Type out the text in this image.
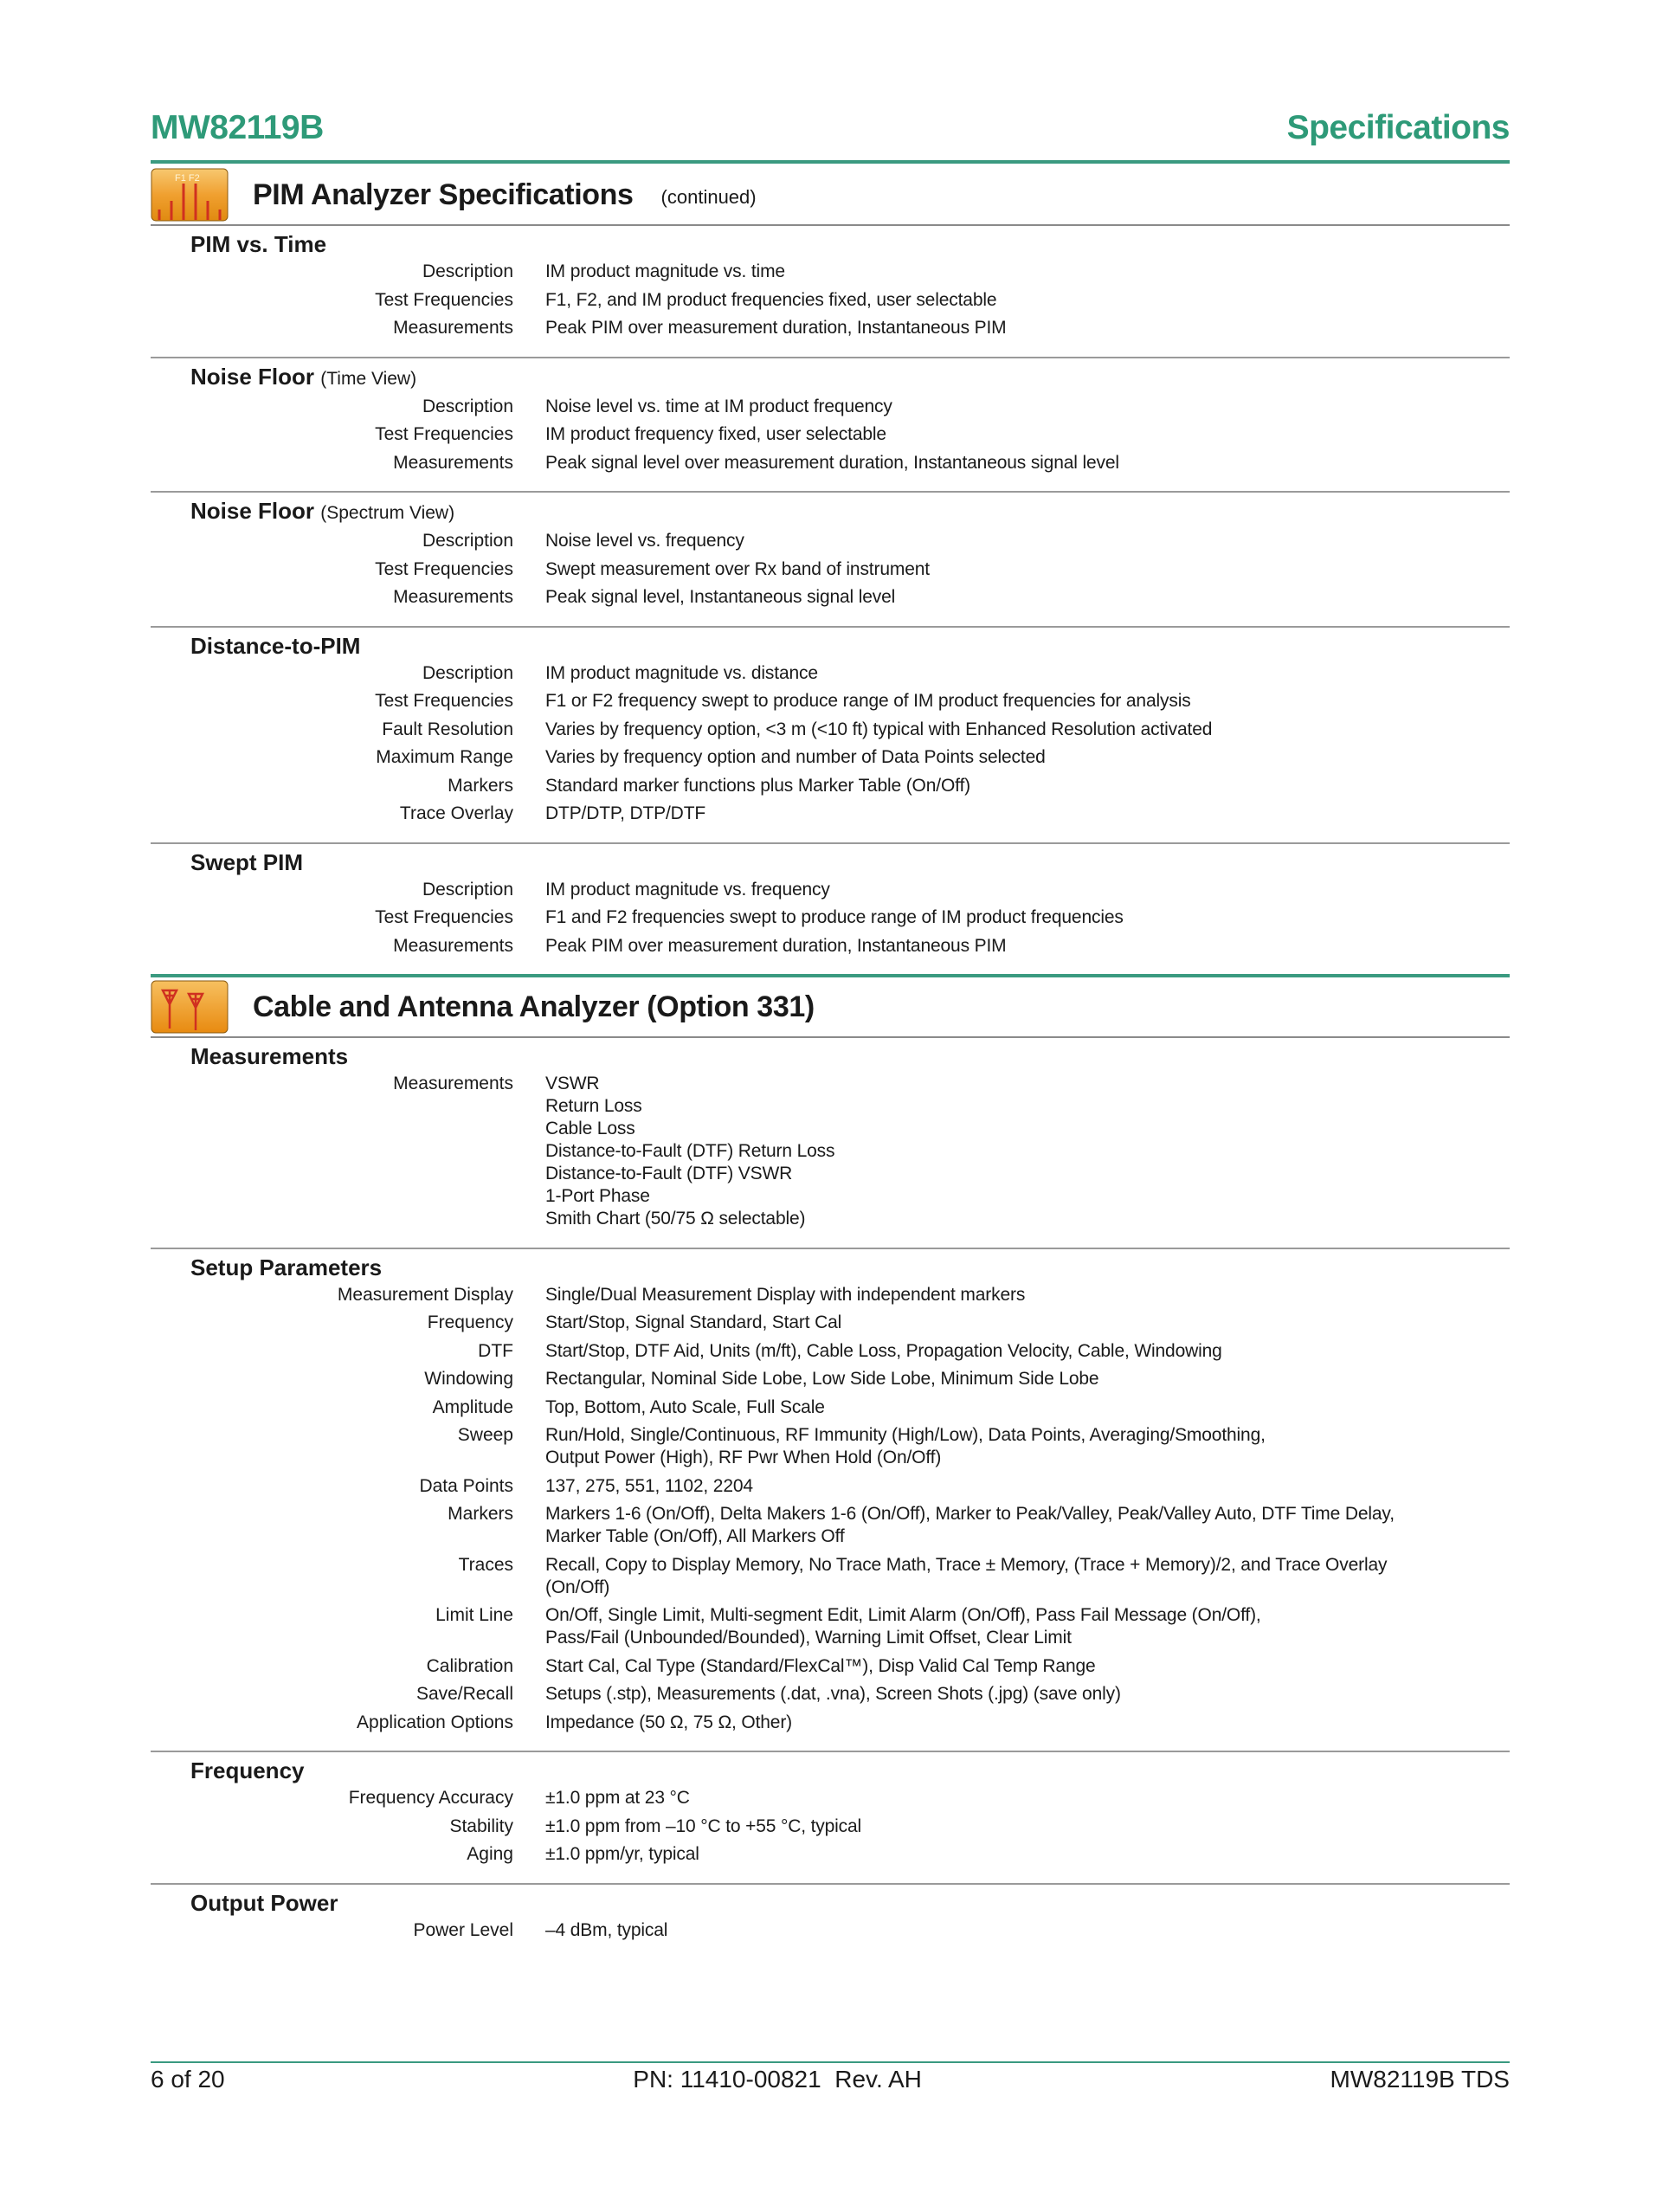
MW82119B	Specifications
F1 F2 PIM Analyzer Specifications (continued)
PIM vs. Time
Description	IM product magnitude vs. time
Test Frequencies	F1, F2, and IM product frequencies fixed, user selectable
Measurements	Peak PIM over measurement duration, Instantaneous PIM
Noise Floor (Time View)
Description	Noise level vs. time at IM product frequency
Test Frequencies	IM product frequency fixed, user selectable
Measurements	Peak signal level over measurement duration, Instantaneous signal level
Noise Floor (Spectrum View)
Description	Noise level vs. frequency
Test Frequencies	Swept measurement over Rx band of instrument
Measurements	Peak signal level, Instantaneous signal level
Distance-to-PIM
Description	IM product magnitude vs. distance
Test Frequencies	F1 or F2 frequency swept to produce range of IM product frequencies for analysis
Fault Resolution	Varies by frequency option, <3 m (<10 ft) typical with Enhanced Resolution activated
Maximum Range	Varies by frequency option and number of Data Points selected
Markers	Standard marker functions plus Marker Table (On/Off)
Trace Overlay	DTP/DTP, DTP/DTF
Swept PIM
Description	IM product magnitude vs. frequency
Test Frequencies	F1 and F2 frequencies swept to produce range of IM product frequencies
Measurements	Peak PIM over measurement duration, Instantaneous PIM
Cable and Antenna Analyzer (Option 331)
Measurements
Measurements	VSWR
Return Loss
Cable Loss
Distance-to-Fault (DTF) Return Loss
Distance-to-Fault (DTF) VSWR
1-Port Phase
Smith Chart (50/75 Ω selectable)
Setup Parameters
Measurement Display	Single/Dual Measurement Display with independent markers
Frequency	Start/Stop, Signal Standard, Start Cal
DTF	Start/Stop, DTF Aid, Units (m/ft), Cable Loss, Propagation Velocity, Cable, Windowing
Windowing	Rectangular, Nominal Side Lobe, Low Side Lobe, Minimum Side Lobe
Amplitude	Top, Bottom, Auto Scale, Full Scale
Sweep	Run/Hold, Single/Continuous, RF Immunity (High/Low), Data Points, Averaging/Smoothing,
Output Power (High), RF Pwr When Hold (On/Off)
Data Points	137, 275, 551, 1102, 2204
Markers	Markers 1-6 (On/Off), Delta Makers 1-6 (On/Off), Marker to Peak/Valley, Peak/Valley Auto, DTF Time Delay,
Marker Table (On/Off), All Markers Off
Traces	Recall, Copy to Display Memory, No Trace Math, Trace ± Memory, (Trace + Memory)/2, and Trace Overlay
(On/Off)
Limit Line	On/Off, Single Limit, Multi-segment Edit, Limit Alarm (On/Off), Pass Fail Message (On/Off),
Pass/Fail (Unbounded/Bounded), Warning Limit Offset, Clear Limit
Calibration	Start Cal, Cal Type (Standard/FlexCal™), Disp Valid Cal Temp Range
Save/Recall	Setups (.stp), Measurements (.dat, .vna), Screen Shots (.jpg) (save only)
Application Options	Impedance (50 Ω, 75 Ω, Other)
Frequency
Frequency Accuracy	±1.0 ppm at 23 °C
Stability	±1.0 ppm from –10 °C to +55 °C, typical
Aging	±1.0 ppm/yr, typical
Output Power
Power Level	–4 dBm, typical
6 of 20	PN: 11410-00821  Rev. AH	MW82119B TDS
